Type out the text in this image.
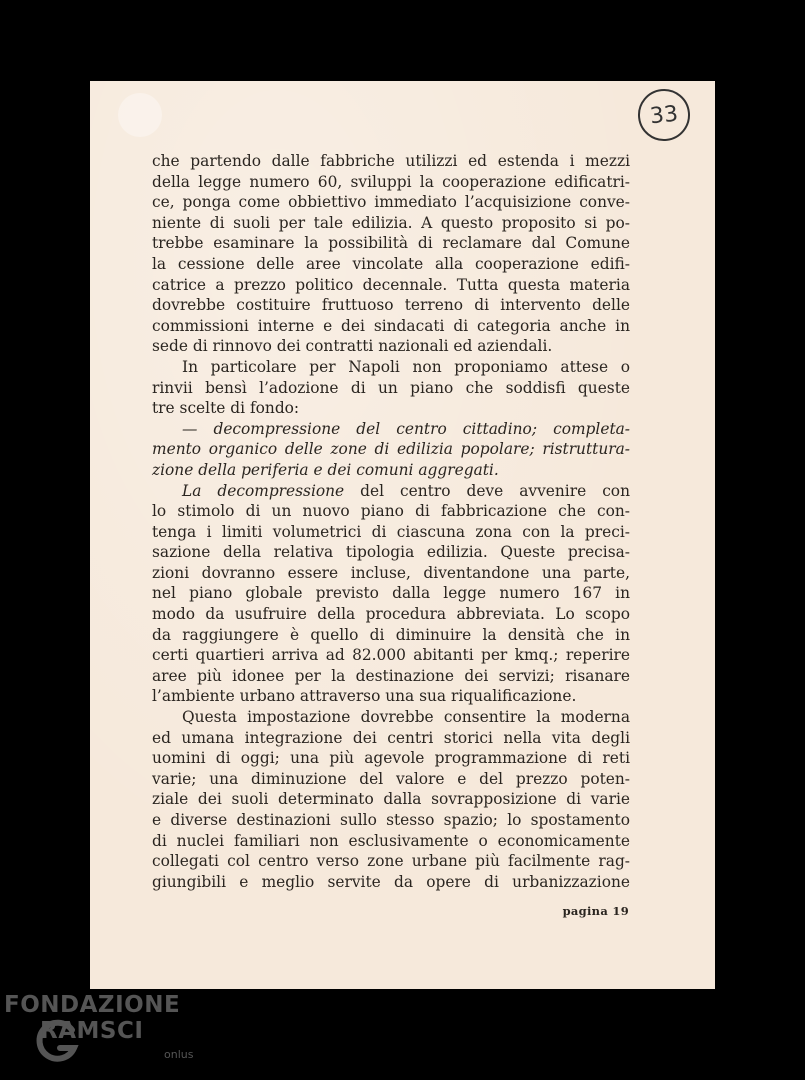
33
che partendo dalle fabbriche utilizzi ed estenda i mezzi
della legge numero 60, sviluppi la cooperazione edificatri-
ce, ponga come obbiettivo immediato l’acquisizione conve-
niente di suoli per tale edilizia. A questo proposito si po-
trebbe esaminare la possibilità di reclamare dal Comune
la cessione delle aree vincolate alla cooperazione edifi-
catrice a prezzo politico decennale. Tutta questa materia
dovrebbe costituire fruttuoso terreno di intervento delle
commissioni interne e dei sindacati di categoria anche in
sede di rinnovo dei contratti nazionali ed aziendali.
In particolare per Napoli non proponiamo attese o
rinvii bensì l’adozione di un piano che soddisfi queste
tre scelte di fondo:
— decompressione del centro cittadino; completa-
mento organico delle zone di edilizia popolare; ristruttura-
zione della periferia e dei comuni aggregati.
La decompressione del centro deve avvenire con
lo stimolo di un nuovo piano di fabbricazione che con-
tenga i limiti volumetrici di ciascuna zona con la preci-
sazione della relativa tipologia edilizia. Queste precisa-
zioni dovranno essere incluse, diventandone una parte,
nel piano globale previsto dalla legge numero 167 in
modo da usufruire della procedura abbreviata. Lo scopo
da raggiungere è quello di diminuire la densità che in
certi quartieri arriva ad 82.000 abitanti per kmq.; reperire
aree più idonee per la destinazione dei servizi; risanare
l’ambiente urbano attraverso una sua riqualificazione.
Questa impostazione dovrebbe consentire la moderna
ed umana integrazione dei centri storici nella vita degli
uomini di oggi; una più agevole programmazione di reti
varie; una diminuzione del valore e del prezzo poten-
ziale dei suoli determinato dalla sovrapposizione di varie
e diverse destinazioni sullo stesso spazio; lo spostamento
di nuclei familiari non esclusivamente o economicamente
collegati col centro verso zone urbane più facilmente rag-
giungibili e meglio servite da opere di urbanizzazione
pagina 19
FONDAZIONE
RAMSCI
onlus
